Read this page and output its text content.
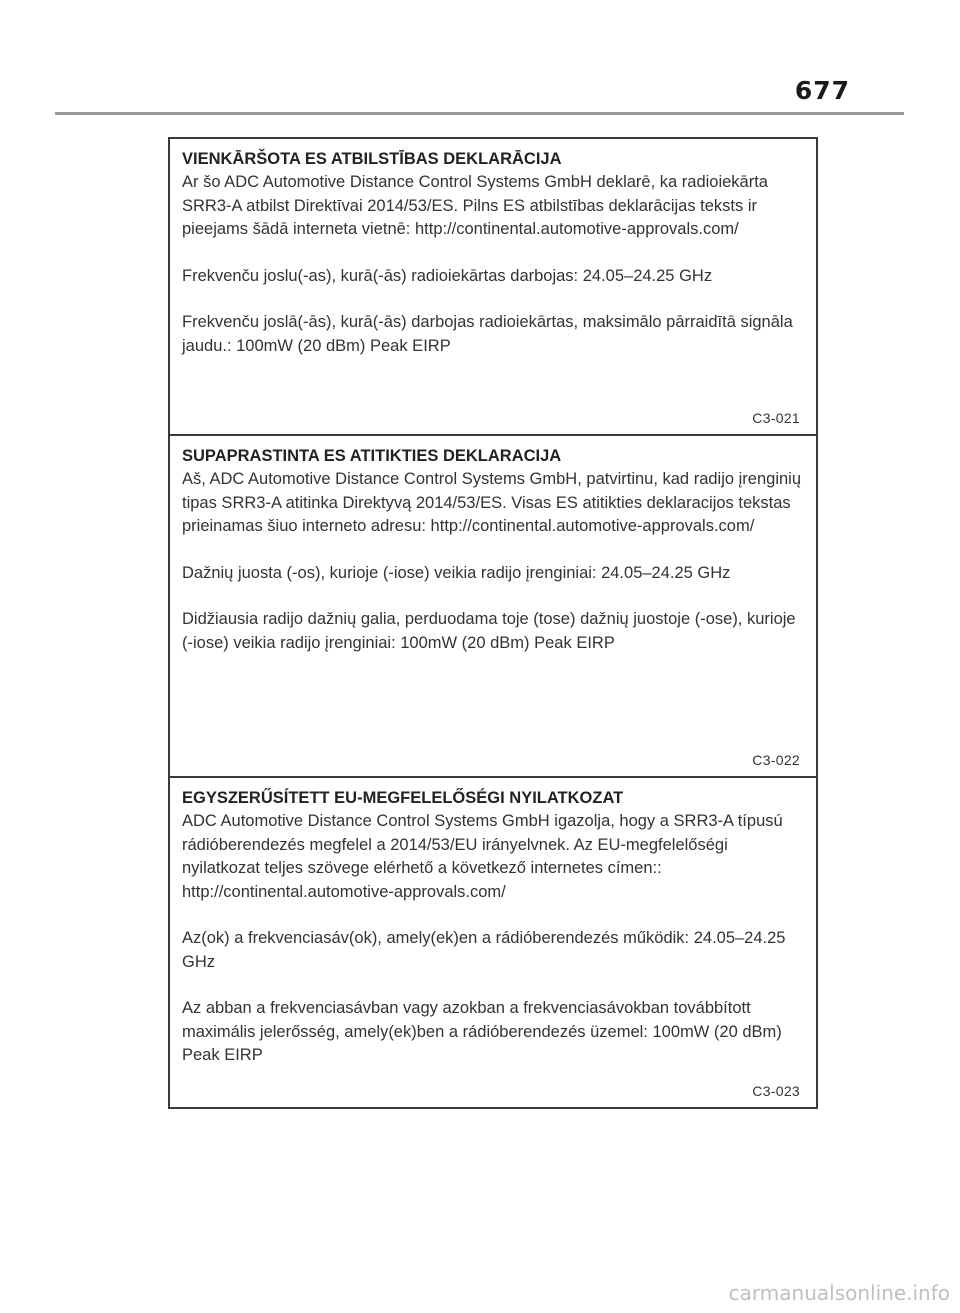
677
VIENKĀRŠOTA ES ATBILSTĪBAS DEKLARĀCIJA

Ar šo ADC Automotive Distance Control Systems GmbH deklarē, ka radioiekārta SRR3-A atbilst Direktīvai 2014/53/ES. Pilns ES atbilstības deklarācijas teksts ir pieejams šādā interneta vietnē: http://continental.automotive-approvals.com/

Frekvenču joslu(-as), kurā(-ās) radioiekārtas darbojas: 24.05–24.25 GHz

Frekvenču joslā(-ās), kurā(-ās) darbojas radioiekārtas, maksimālo pārraidītā signāla jaudu.: 100mW (20 dBm) Peak EIRP

C3-021
SUPAPRASTINTA ES ATITIKTIES DEKLARACIJA

Aš, ADC Automotive Distance Control Systems GmbH, patvirtinu, kad radijo įrenginių tipas SRR3-A atitinka Direktyvą 2014/53/ES. Visas ES atitikties deklaracijos tekstas prieinamas šiuo interneto adresu: http://continental.automotive-approvals.com/

Dažnių juosta (-os), kurioje (-iose) veikia radijo įrenginiai: 24.05–24.25 GHz

Didžiausia radijo dažnių galia, perduodama toje (tose) dažnių juostoje (-ose), kurioje (-iose) veikia radijo įrenginiai: 100mW (20 dBm) Peak EIRP

C3-022
EGYSZERŰSÍTETT EU-MEGFELELŐSÉGI NYILATKOZAT

ADC Automotive Distance Control Systems GmbH igazolja, hogy a SRR3-A típusú rádióberendezés megfelel a 2014/53/EU irányelvnek. Az EU-megfelelőségi nyilatkozat teljes szövege elérhető a következő internetes címen:: http://continental.automotive-approvals.com/

Az(ok) a frekvenciasáv(ok), amely(ek)en a rádióberendezés működik: 24.05–24.25 GHz

Az abban a frekvenciasávban vagy azokban a frekvenciasávokban továbbított maximális jelerősség, amely(ek)ben a rádióberendezés üzemel: 100mW (20 dBm) Peak EIRP

C3-023
carmanualsonline.info
